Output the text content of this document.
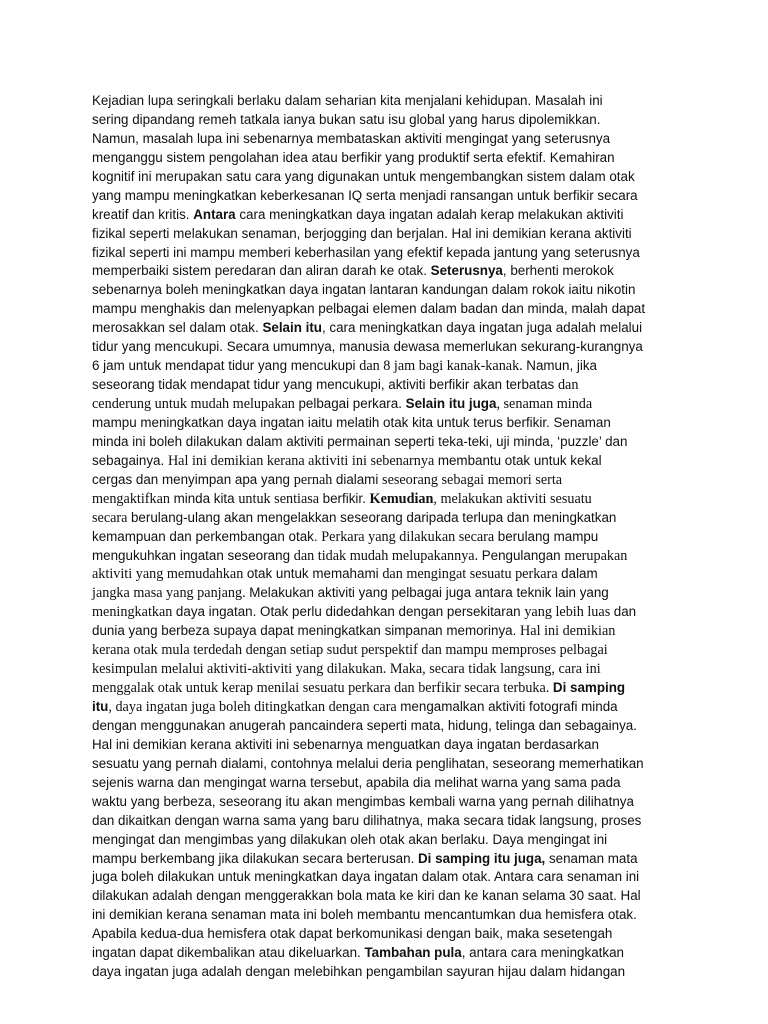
Kejadian lupa seringkali berlaku dalam seharian kita menjalani kehidupan. Masalah ini
sering dipandang remeh tatkala ianya bukan satu isu global yang harus dipolemikkan.
Namun, masalah lupa ini sebenarnya membataskan aktiviti mengingat yang seterusnya
menganggu sistem pengolahan idea atau berfikir yang produktif serta efektif. Kemahiran
kognitif ini merupakan satu cara yang digunakan untuk mengembangkan sistem dalam otak
yang mampu meningkatkan keberkesanan IQ serta menjadi ransangan untuk berfikir secara
kreatif dan kritis. Antara cara meningkatkan daya ingatan adalah kerap melakukan aktiviti
fizikal seperti melakukan senaman, berjogging dan berjalan. Hal ini demikian kerana aktiviti
fizikal seperti ini mampu memberi keberhasilan yang efektif kepada jantung yang seterusnya
memperbaiki sistem peredaran dan aliran darah ke otak. Seterusnya, berhenti merokok
sebenarnya boleh meningkatkan daya ingatan lantaran kandungan dalam rokok iaitu nikotin
mampu menghakis dan melenyapkan pelbagai elemen dalam badan dan minda, malah dapat
merosakkan sel dalam otak. Selain itu, cara meningkatkan daya ingatan juga adalah melalui
tidur yang mencukupi. Secara umumnya, manusia dewasa memerlukan sekurang-kurangnya
6 jam untuk mendapat tidur yang mencukupi dan 8 jam bagi kanak-kanak. Namun, jika
seseorang tidak mendapat tidur yang mencukupi, aktiviti berfikir akan terbatas dan
cenderung untuk mudah melupakan pelbagai perkara. Selain itu juga, senaman minda
mampu meningkatkan daya ingatan iaitu melatih otak kita untuk terus berfikir. Senaman
minda ini boleh dilakukan dalam aktiviti permainan seperti teka-teki, uji minda, ‘puzzle’ dan
sebagainya. Hal ini demikian kerana aktiviti ini sebenarnya membantu otak untuk kekal
cergas dan menyimpan apa yang pernah dialami seseorang sebagai memori serta
mengaktifkan minda kita untuk sentiasa berfikir. Kemudian, melakukan aktiviti sesuatu
secara berulang-ulang akan mengelakkan seseorang daripada terlupa dan meningkatkan
kemampuan dan perkembangan otak. Perkara yang dilakukan secara berulang mampu
mengukuhkan ingatan seseorang dan tidak mudah melupakannya. Pengulangan merupakan
aktiviti yang memudahkan otak untuk memahami dan mengingat sesuatu perkara dalam
jangka masa yang panjang. Melakukan aktiviti yang pelbagai juga antara teknik lain yang
meningkatkan daya ingatan. Otak perlu didedahkan dengan persekitaran yang lebih luas dan
dunia yang berbeza supaya dapat meningkatkan simpanan memorinya. Hal ini demikian
kerana otak mula terdedah dengan setiap sudut perspektif dan mampu memproses pelbagai
kesimpulan melalui aktiviti-aktiviti yang dilakukan. Maka, secara tidak langsung, cara ini
menggalak otak untuk kerap menilai sesuatu perkara dan berfikir secara terbuka. Di samping
itu, daya ingatan juga boleh ditingkatkan dengan cara mengamalkan aktiviti fotografi minda
dengan menggunakan anugerah pancaindera seperti mata, hidung, telinga dan sebagainya.
Hal ini demikian kerana aktiviti ini sebenarnya menguatkan daya ingatan berdasarkan
sesuatu yang pernah dialami, contohnya melalui deria penglihatan, seseorang memerhatikan
sejenis warna dan mengingat warna tersebut, apabila dia melihat warna yang sama pada
waktu yang berbeza, seseorang itu akan mengimbas kembali warna yang pernah dilihatnya
dan dikaitkan dengan warna sama yang baru dilihatnya, maka secara tidak langsung, proses
mengingat dan mengimbas yang dilakukan oleh otak akan berlaku. Daya mengingat ini
mampu berkembang jika dilakukan secara berterusan. Di samping itu juga, senaman mata
juga boleh dilakukan untuk meningkatkan daya ingatan dalam otak. Antara cara senaman ini
dilakukan adalah dengan menggerakkan bola mata ke kiri dan ke kanan selama 30 saat. Hal
ini demikian kerana senaman mata ini boleh membantu mencantumkan dua hemisfera otak.
Apabila kedua-dua hemisfera otak dapat berkomunikasi dengan baik, maka sesetengah
ingatan dapat dikembalikan atau dikeluarkan. Tambahan pula, antara cara meningkatkan
daya ingatan juga adalah dengan melebihkan pengambilan sayuran hijau dalam hidangan
